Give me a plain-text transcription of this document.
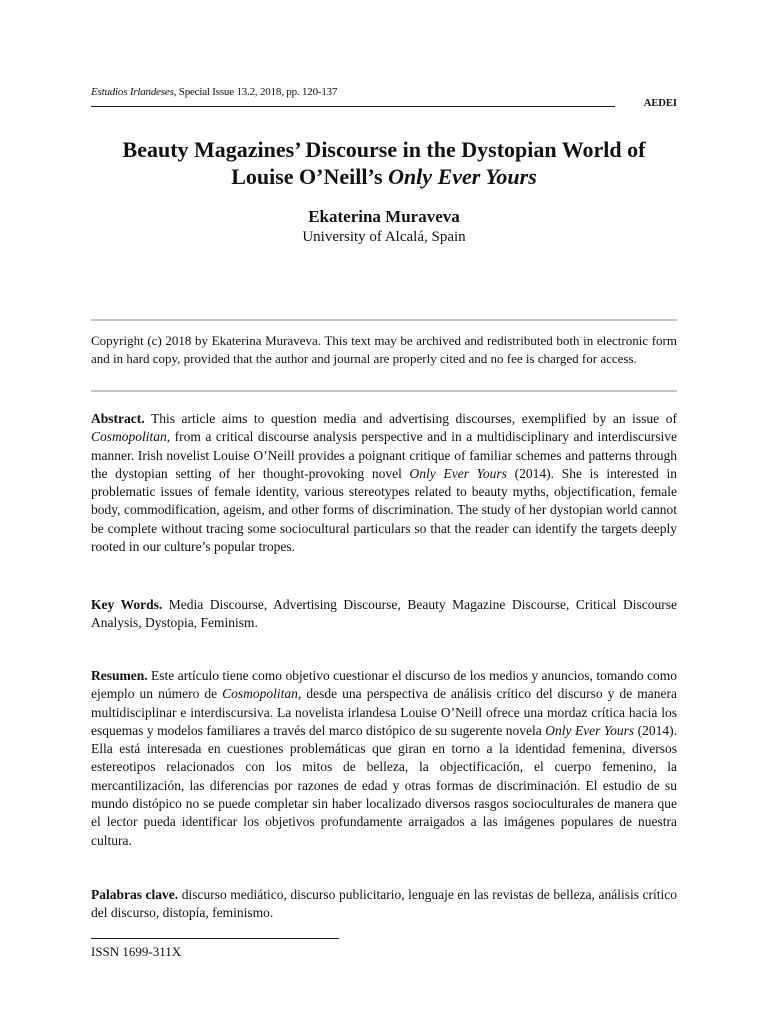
Estudios Irlandeses, Special Issue 13.2, 2018, pp. 120-137
AEDEI
Beauty Magazines’ Discourse in the Dystopian World of
Louise O’Neill’s Only Ever Yours
Ekaterina Muraveva
University of Alcalá, Spain
Copyright (c) 2018 by Ekaterina Muraveva. This text may be archived and redistributed both in electronic form and in hard copy, provided that the author and journal are properly cited and no fee is charged for access.

Abstract. This article aims to question media and advertising discourses, exemplified by an issue of Cosmopolitan, from a critical discourse analysis perspective and in a multidisciplinary and interdiscursive manner. Irish novelist Louise O’Neill provides a poignant critique of familiar schemes and patterns through the dystopian setting of her thought-provoking novel Only Ever Yours (2014). She is interested in problematic issues of female identity, various stereotypes related to beauty myths, objectification, female body, commodification, ageism, and other forms of discrimination. The study of her dystopian world cannot be complete without tracing some sociocultural particulars so that the reader can identify the targets deeply rooted in our culture’s popular tropes.

Key Words. Media Discourse, Advertising Discourse, Beauty Magazine Discourse, Critical Discourse Analysis, Dystopia, Feminism.

Resumen. Este artículo tiene como objetivo cuestionar el discurso de los medios y anuncios, tomando como ejemplo un número de Cosmopolitan, desde una perspectiva de análisis crítico del discurso y de manera multidisciplinar e interdiscursiva. La novelista irlandesa Louise O’Neill ofrece una mordaz crítica hacia los esquemas y modelos familiares a través del marco distópico de su sugerente novela Only Ever Yours (2014). Ella está interesada en cuestiones problemáticas que giran en torno a la identidad femenina, diversos estereotipos relacionados con los mitos de belleza, la objectificación, el cuerpo femenino, la mercantilización, las diferencias por razones de edad y otras formas de discriminación. El estudio de su mundo distópico no se puede completar sin haber localizado diversos rasgos socioculturales de manera que el lector pueda identificar los objetivos profundamente arraigados a las imágenes populares de nuestra cultura.

Palabras clave. discurso mediático, discurso publicitario, lenguaje en las revistas de belleza, análisis crítico del discurso, distopía, feminismo.

ISSN 1699-311X
